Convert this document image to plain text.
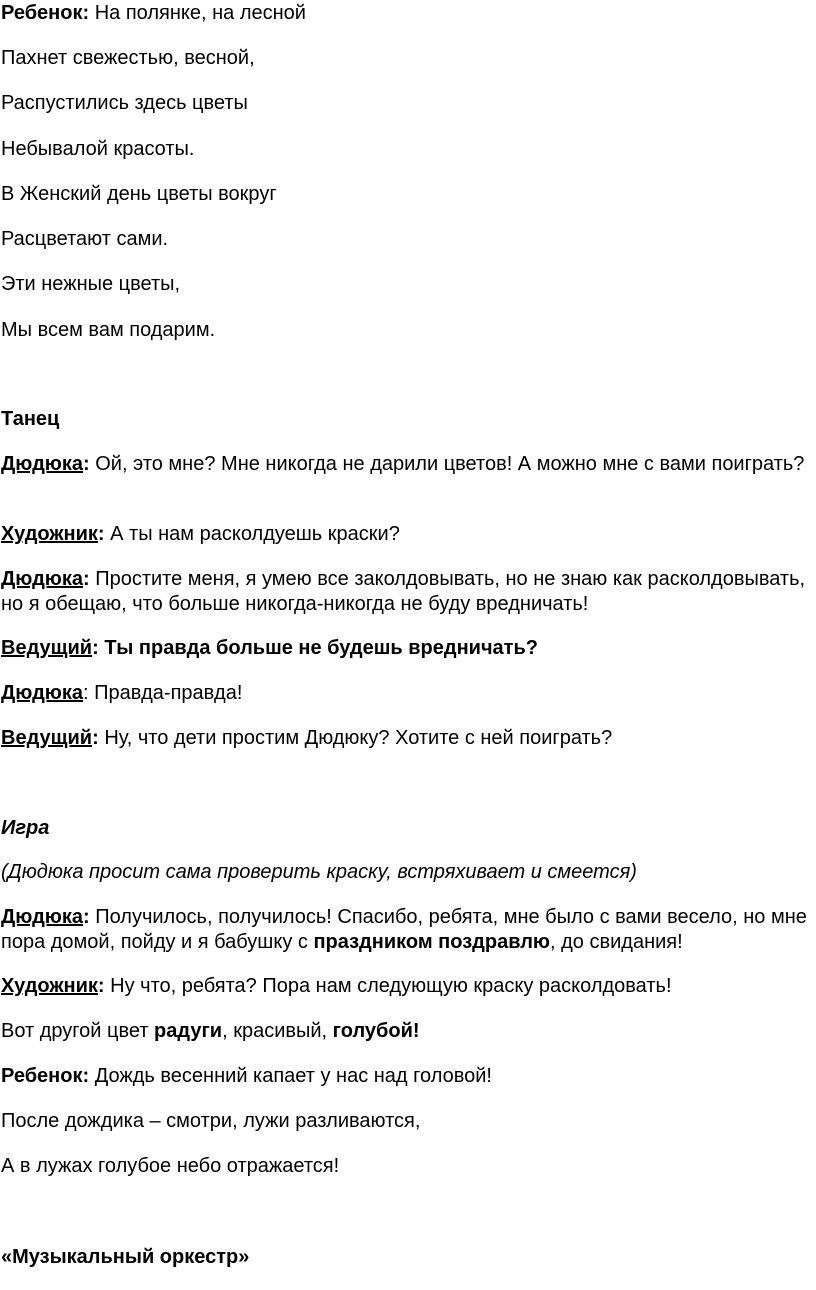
Ребенок: На полянке, на лесной

Пахнет свежестью, весной,

Распустились здесь цветы

Небывалой красоты.

В Женский день цветы вокруг

Расцветают сами.

Эти нежные цветы,

Мы всем вам подарим.

Танец

Дюдюка: Ой, это мне? Мне никогда не дарили цветов! А можно мне с вами поиграть?

Художник: А ты нам расколдуешь краски?

Дюдюка: Простите меня, я умею все заколдовывать, но не знаю как расколдовывать, но я обещаю, что больше никогда-никогда не буду вредничать!

Ведущий: Ты правда больше не будешь вредничать?

Дюдюка: Правда-правда!

Ведущий: Ну, что дети простим Дюдюку? Хотите с ней поиграть?

Игра

(Дюдюка просит сама проверить краску, встряхивает и смеется)

Дюдюка: Получилось, получилось! Спасибо, ребята, мне было с вами весело, но мне пора домой, пойду и я бабушку с праздником поздравлю, до свидания!

Художник: Ну что, ребята? Пора нам следующую краску расколдовать!

Вот другой цвет радуги, красивый, голубой!

Ребенок: Дождь весенний капает у нас над головой!

После дождика – смотри, лужи разливаются,

А в лужах голубое небо отражается!

«Музыкальный оркестр»
